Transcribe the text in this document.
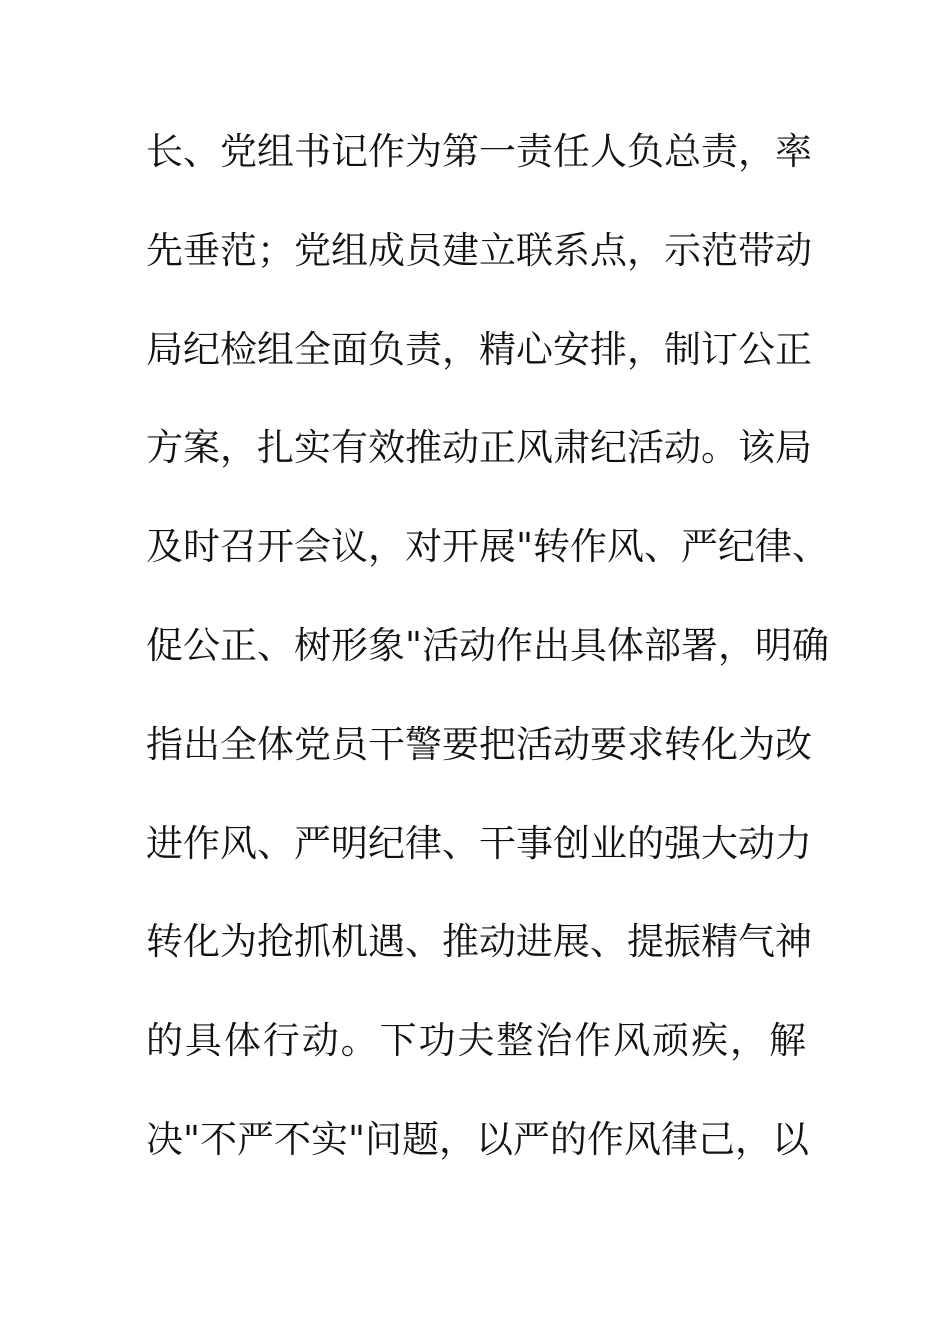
长、党组书记作为第一责任人负总责，率
先垂范；党组成员建立联系点，示范带动
局纪检组全面负责，精心安排，制订公正
方案，扎实有效推动正风肃纪活动。该局
及时召开会议，对开展"转作风、严纪律、
促公正、树形象"活动作出具体部署，明确
指出全体党员干警要把活动要求转化为改
进作风、严明纪律、干事创业的强大动力
转化为抢抓机遇、推动进展、提振精气神
的具体行动。下功夫整治作风顽疾，解
决"不严不实"问题，以严的作风律己，以
